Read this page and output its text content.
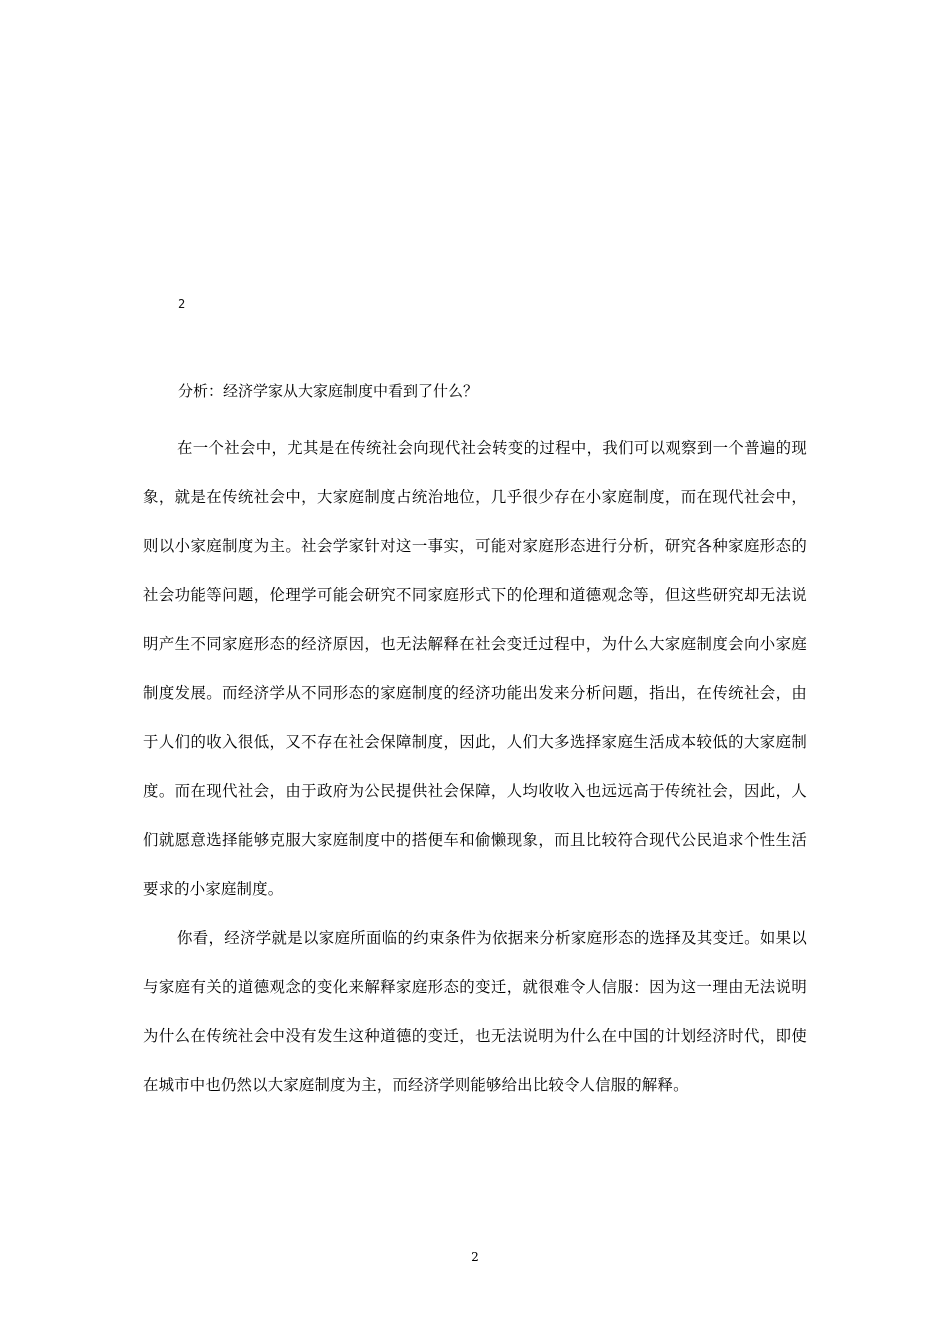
2

分析：经济学家从大家庭制度中看到了什么？

在一个社会中，尤其是在传统社会向现代社会转变的过程中，我们可以观察到一个普遍的现象，就是在传统社会中，大家庭制度占统治地位，几乎很少存在小家庭制度，而在现代社会中，则以小家庭制度为主。社会学家针对这一事实，可能对家庭形态进行分析，研究各种家庭形态的社会功能等问题，伦理学可能会研究不同家庭形式下的伦理和道德观念等，但这些研究却无法说明产生不同家庭形态的经济原因，也无法解释在社会变迁过程中，为什么大家庭制度会向小家庭制度发展。而经济学从不同形态的家庭制度的经济功能出发来分析问题，指出，在传统社会，由于人们的收入很低，又不存在社会保障制度，因此，人们大多选择家庭生活成本较低的大家庭制度。而在现代社会，由于政府为公民提供社会保障，人均收收入也远远高于传统社会，因此，人们就愿意选择能够克服大家庭制度中的搭便车和偷懒现象，而且比较符合现代公民追求个性生活要求的小家庭制度。

你看，经济学就是以家庭所面临的约束条件为依据来分析家庭形态的选择及其变迁。如果以与家庭有关的道德观念的变化来解释家庭形态的变迁，就很难令人信服：因为这一理由无法说明为什么在传统社会中没有发生这种道德的变迁，也无法说明为什么在中国的计划经济时代，即使在城市中也仍然以大家庭制度为主，而经济学则能够给出比较令人信服的解释。

2
